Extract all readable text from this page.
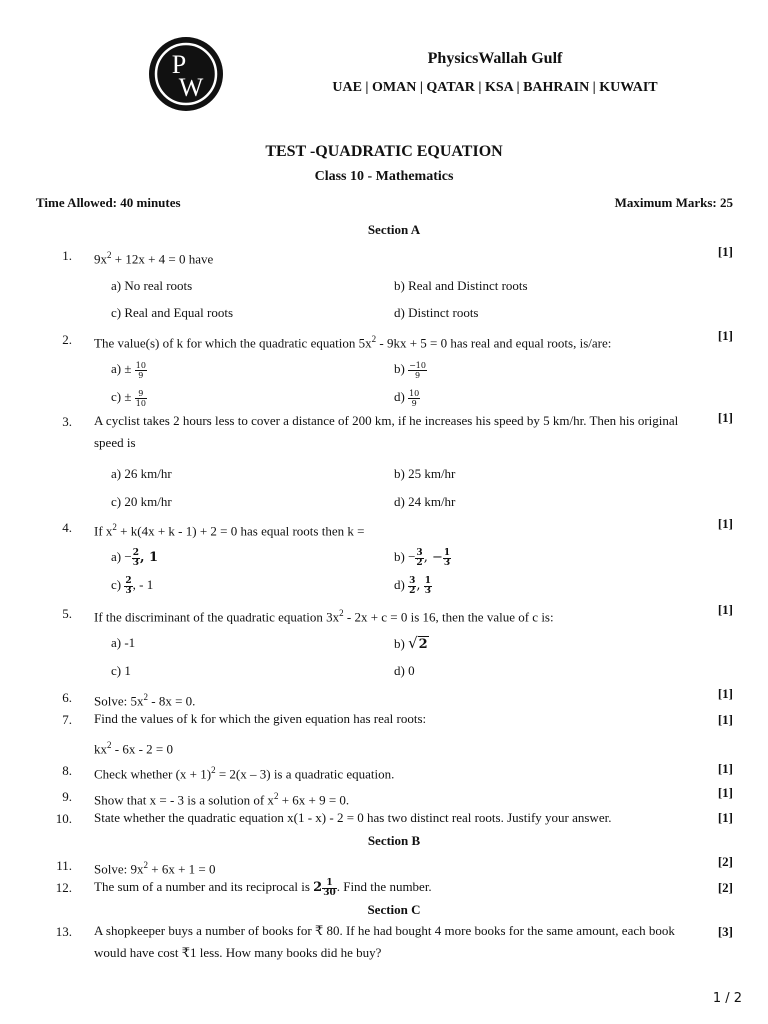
P
W
PhysicsWallah Gulf
UAE | OMAN | QATAR | KSA | BAHRAIN | KUWAIT
TEST -QUADRATIC EQUATION
Class 10 - Mathematics
Time Allowed: 40 minutes	Maximum Marks: 25
Section A
1. $9x^2 + 12x + 4 = 0$ have	[1]
a) No real roots	b) Real and Distinct roots
c) Real and Equal roots	d) Distinct roots
2. The value(s) of k for which the quadratic equation $5x^2 - 9kx + 5 = 0$ has real and equal roots, is/are:	[1]
$a) \pm \frac{10}{9}$	$b) \frac{-10}{9}$
$c) \pm \frac{9}{10}$	$d) \frac{10}{9}$
3. A cyclist takes 2 hours less to cover a distance of 200 km, if he increases his speed by 5 km/hr. Then his original speed is
[1]
a) 26 km/hr	b) 25 km/hr
c) 20 km/hr	d) 24 km/hr
4. If $x^2 + k(4x + k - 1) + 2 = 0$ has equal roots then k =	[1]
$a) - \frac{2}{3}$ , 1	$b) - \frac{3}{2}$ , − $\frac{1}{3}$
$c) \frac{2}{3}$ , - 1	$d) \frac{3}{2}$ , $\frac{1}{3}$
5. If the discriminant of the quadratic equation $3x^2 - 2x + c = 0$ is 16, then the value of c is:	[1]
a) -1	b) √2
c) 1	d) 0
6. Solve: $5x^2 - 8x = 0$.	[1]
7. Find the values of k for which the given equation has real roots:	[1]
$kx^2 - 6x - 2 = 0$
8. Check whether $(x + 1)^2 = 2(x - 3)$ is a quadratic equation.	[1]
9. Show that x = - 3 is a solution of $x^2 + 6x + 9 = 0$.	[1]
10. State whether the quadratic equation x(1 - x) - 2 = 0 has two distinct real roots. Justify your answer.	[1]
Section B
11. Solve: $9x^2 + 6x + 1 = 0$	[2]
12. The sum of a number and its reciprocal is $2 \frac{1}{30}$ . Find the number.	[2]
Section C
13. A shopkeeper buys a number of books for ₹ 80. If he had bought 4 more books for the same amount, each book would have cost ₹1 less. How many books did he buy?
[3]
1 / 2
